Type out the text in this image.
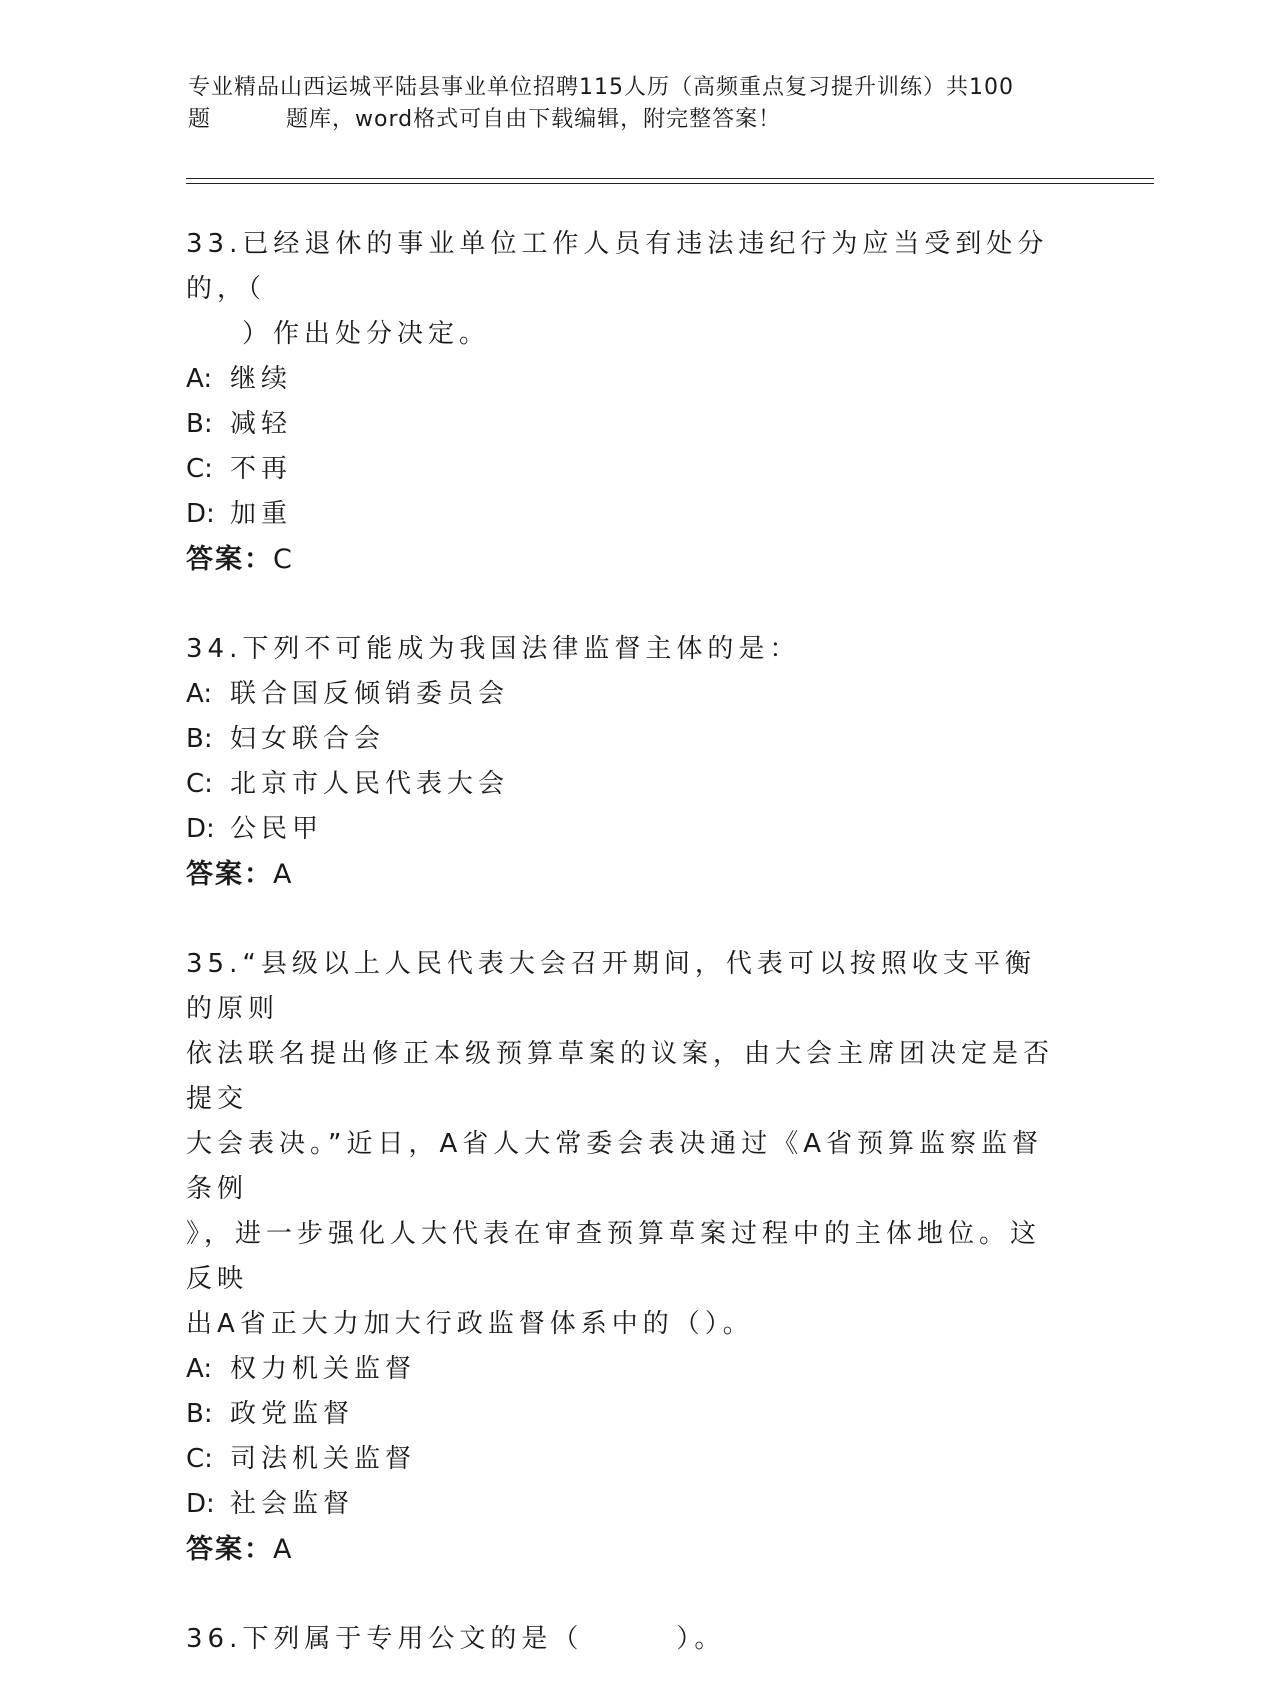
专业精品山西运城平陆县事业单位招聘115人历（高频重点复习提升训练）共100
题	题库，word格式可自由下载编辑，附完整答案！
33.已经退休的事业单位工作人员有违法违纪行为应当受到处分的，（
）作出处分决定。
A: 继续
B: 减轻
C: 不再
D: 加重
答案：C
34.下列不可能成为我国法律监督主体的是：
A: 联合国反倾销委员会
B: 妇女联合会
C: 北京市人民代表大会
D: 公民甲
答案：A
35.“县级以上人民代表大会召开期间，代表可以按照收支平衡的原则
依法联名提出修正本级预算草案的议案，由大会主席团决定是否提交
大会表决。”近日，A省人大常委会表决通过《A省预算监察监督条例
》，进一步强化人大代表在审查预算草案过程中的主体地位。这反映
出A省正大力加大行政监督体系中的（）。
A: 权力机关监督
B: 政党监督
C: 司法机关监督
D: 社会监督
答案：A
36.下列属于专用公文的是（　　　）。
